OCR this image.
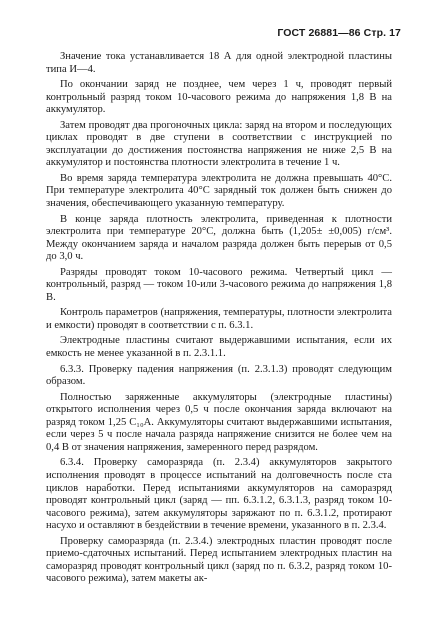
ГОСТ 26881—86 Стр. 17

Значение тока устанавливается 18 А для одной электродной пластины типа И—4.

По окончании заряд не позднее, чем через 1 ч, проводят первый контрольный разряд током 10-часового режима до напряжения 1,8 В на аккумулятор.

Затем проводят два прогоночных цикла: заряд на втором и последующих циклах проводят в две ступени в соответствии с инструкцией по эксплуатации до достижения постоянства напряжения не ниже 2,5 В на аккумулятор и постоянства плотности электролита в течение 1 ч.

Во время заряда температура электролита не должна превышать 40°С. При температуре электролита 40°С зарядный ток должен быть снижен до значения, обеспечивающего указанную температуру.

В конце заряда плотность электролита, приведенная к плотности электролита при температуре 20°С, должна быть (1,205± ±0,005) г/см³. Между окончанием заряда и началом разряда должен быть перерыв от 0,5 до 3,0 ч.

Разряды проводят током 10-часового режима. Четвертый цикл — контрольный, разряд — током 10-или 3-часового режима до напряжения 1,8 В.

Контроль параметров (напряжения, температуры, плотности электролита и емкости) проводят в соответствии с п. 6.3.1.

Электродные пластины считают выдержавшими испытания, если их емкость не менее указанной в п. 2.3.1.1.

6.3.3. Проверку падения напряжения (п. 2.3.1.3) проводят следующим образом.

Полностью заряженные аккумуляторы (электродные пластины) открытого исполнения через 0,5 ч после окончания заряда включают на разряд током 1,25 С₁₀А. Аккумуляторы считают выдержавшими испытания, если через 5 ч после начала разряда напряжение снизится не более чем на 0,4 В от значения напряжения, замеренного перед разрядом.

6.3.4. Проверку саморазряда (п. 2.3.4) аккумуляторов закрытого исполнения проводят в процессе испытаний на долговечность после ста циклов наработки. Перед испытаниями аккумуляторов на саморазряд проводят контрольный цикл (заряд — пп. 6.3.1.2, 6.3.1.3, разряд током 10-часового режима), затем аккумуляторы заряжают по п. 6.3.1.2, протирают насухо и оставляют в бездействии в течение времени, указанного в п. 2.3.4.

Проверку саморазряда (п. 2.3.4.) электродных пластин проводят после приемо-сдаточных испытаний. Перед испытанием электродных пластин на саморазряд проводят контрольный цикл (заряд по п. 6.3.2, разряд током 10-часового режима), затем макеты ак-
